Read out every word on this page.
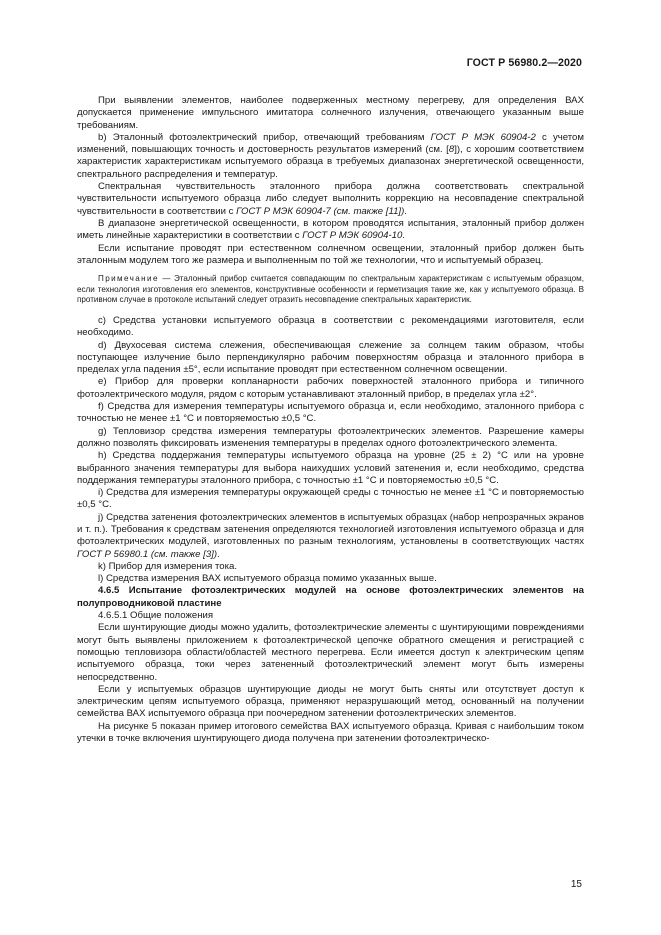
ГОСТ Р 56980.2—2020

При выявлении элементов, наиболее подверженных местному перегреву, для определения ВАХ допускается применение импульсного имитатора солнечного излучения, отвечающего указанным выше требованиям.

b) Эталонный фотоэлектрический прибор, отвечающий требованиям ГОСТ Р МЭК 60904-2 с учетом изменений, повышающих точность и достоверность результатов измерений (см. [8]), с хорошим соответствием характеристик характеристикам испытуемого образца в требуемых диапазонах энергетической освещенности, спектрального распределения и температур.

Спектральная чувствительность эталонного прибора должна соответствовать спектральной чувствительности испытуемого образца либо следует выполнить коррекцию на несовпадение спектральной чувствительности в соответствии с ГОСТ Р МЭК 60904-7 (см. также [11]).

В диапазоне энергетической освещенности, в котором проводятся испытания, эталонный прибор должен иметь линейные характеристики в соответствии с ГОСТ Р МЭК 60904-10.

Если испытание проводят при естественном солнечном освещении, эталонный прибор должен быть эталонным модулем того же размера и выполненным по той же технологии, что и испытуемый образец.

Примечание — Эталонный прибор считается совпадающим по спектральным характеристикам с испытуемым образцом, если технология изготовления его элементов, конструктивные особенности и герметизация такие же, как у испытуемого образца. В противном случае в протоколе испытаний следует отразить несовпадение спектральных характеристик.

c) Средства установки испытуемого образца в соответствии с рекомендациями изготовителя, если необходимо.

d) Двухосевая система слежения, обеспечивающая слежение за солнцем таким образом, чтобы поступающее излучение было перпендикулярно рабочим поверхностям образца и эталонного прибора в пределах угла падения ±5°, если испытание проводят при естественном солнечном освещении.

e) Прибор для проверки копланарности рабочих поверхностей эталонного прибора и типичного фотоэлектрического модуля, рядом с которым устанавливают эталонный прибор, в пределах угла ±2°.

f) Средства для измерения температуры испытуемого образца и, если необходимо, эталонного прибора с точностью не менее ±1 °С и повторяемостью ±0,5 °С.

g) Тепловизор средства измерения температуры фотоэлектрических элементов. Разрешение камеры должно позволять фиксировать изменения температуры в пределах одного фотоэлектрического элемента.

h) Средства поддержания температуры испытуемого образца на уровне (25 ± 2) °С или на уровне выбранного значения температуры для выбора наихудших условий затенения и, если необходимо, средства поддержания температуры эталонного прибора, с точностью ±1 °С и повторяемостью ±0,5 °С.

i) Средства для измерения температуры окружающей среды с точностью не менее ±1 °С и повторяемостью ±0,5 °С.

j) Средства затенения фотоэлектрических элементов в испытуемых образцах (набор непрозрачных экранов и т. п.). Требования к средствам затенения определяются технологией изготовления испытуемого образца и для фотоэлектрических модулей, изготовленных по разным технологиям, установлены в соответствующих частях ГОСТ Р 56980.1 (см. также [3]).

k) Прибор для измерения тока.

l) Средства измерения ВАХ испытуемого образца помимо указанных выше.

4.6.5 Испытание фотоэлектрических модулей на основе фотоэлектрических элементов на полупроводниковой пластине

4.6.5.1 Общие положения

Если шунтирующие диоды можно удалить, фотоэлектрические элементы с шунтирующими повреждениями могут быть выявлены приложением к фотоэлектрической цепочке обратного смещения и регистрацией с помощью тепловизора области/областей местного перегрева. Если имеется доступ к электрическим цепям испытуемого образца, токи через затененный фотоэлектрический элемент могут быть измерены непосредственно.

Если у испытуемых образцов шунтирующие диоды не могут быть сняты или отсутствует доступ к электрическим цепям испытуемого образца, применяют неразрушающий метод, основанный на получении семейства ВАХ испытуемого образца при поочередном затенении фотоэлектрических элементов.

На рисунке 5 показан пример итогового семейства ВАХ испытуемого образца. Кривая с наибольшим током утечки в точке включения шунтирующего диода получена при затенении фотоэлектрическо-

15
